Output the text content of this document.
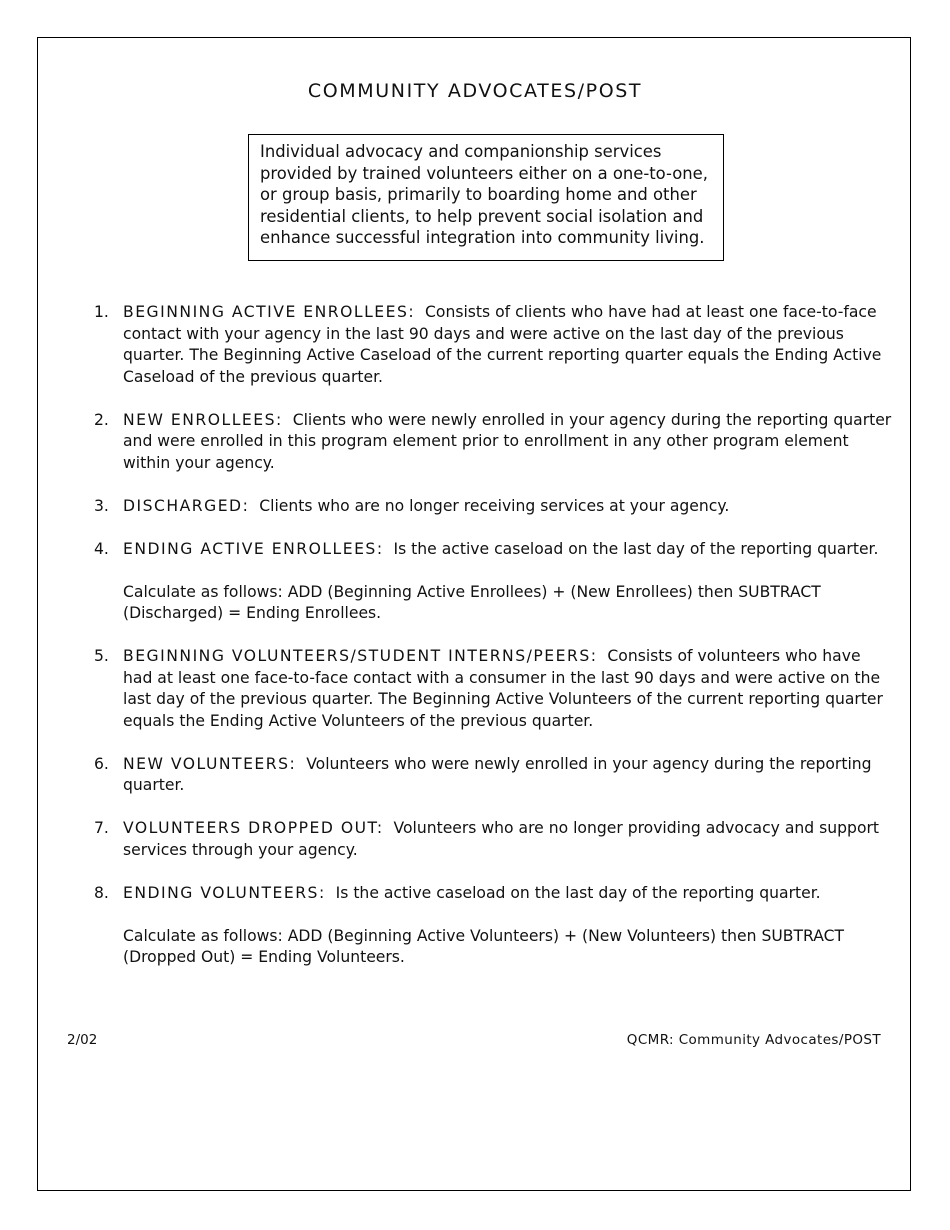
COMMUNITY ADVOCATES/POST
Individual advocacy and companionship services provided by trained volunteers either on a one-to-one, or group basis, primarily to boarding home and other residential clients, to help prevent social isolation and enhance successful integration into community living.
1. BEGINNING ACTIVE ENROLLEES: Consists of clients who have had at least one face-to-face contact with your agency in the last 90 days and were active on the last day of the previous quarter. The Beginning Active Caseload of the current reporting quarter equals the Ending Active Caseload of the previous quarter.
2. NEW ENROLLEES: Clients who were newly enrolled in your agency during the reporting quarter and were enrolled in this program element prior to enrollment in any other program element within your agency.
3. DISCHARGED: Clients who are no longer receiving services at your agency.
4. ENDING ACTIVE ENROLLEES: Is the active caseload on the last day of the reporting quarter.
Calculate as follows: ADD (Beginning Active Enrollees) + (New Enrollees) then SUBTRACT (Discharged) = Ending Enrollees.
5. BEGINNING VOLUNTEERS/STUDENT INTERNS/PEERS: Consists of volunteers who have had at least one face-to-face contact with a consumer in the last 90 days and were active on the last day of the previous quarter. The Beginning Active Volunteers of the current reporting quarter equals the Ending Active Volunteers of the previous quarter.
6. NEW VOLUNTEERS: Volunteers who were newly enrolled in your agency during the reporting quarter.
7. VOLUNTEERS DROPPED OUT: Volunteers who are no longer providing advocacy and support services through your agency.
8. ENDING VOLUNTEERS: Is the active caseload on the last day of the reporting quarter.
Calculate as follows: ADD (Beginning Active Volunteers) + (New Volunteers) then SUBTRACT (Dropped Out) = Ending Volunteers.
2/02	QCMR: Community Advocates/POST
